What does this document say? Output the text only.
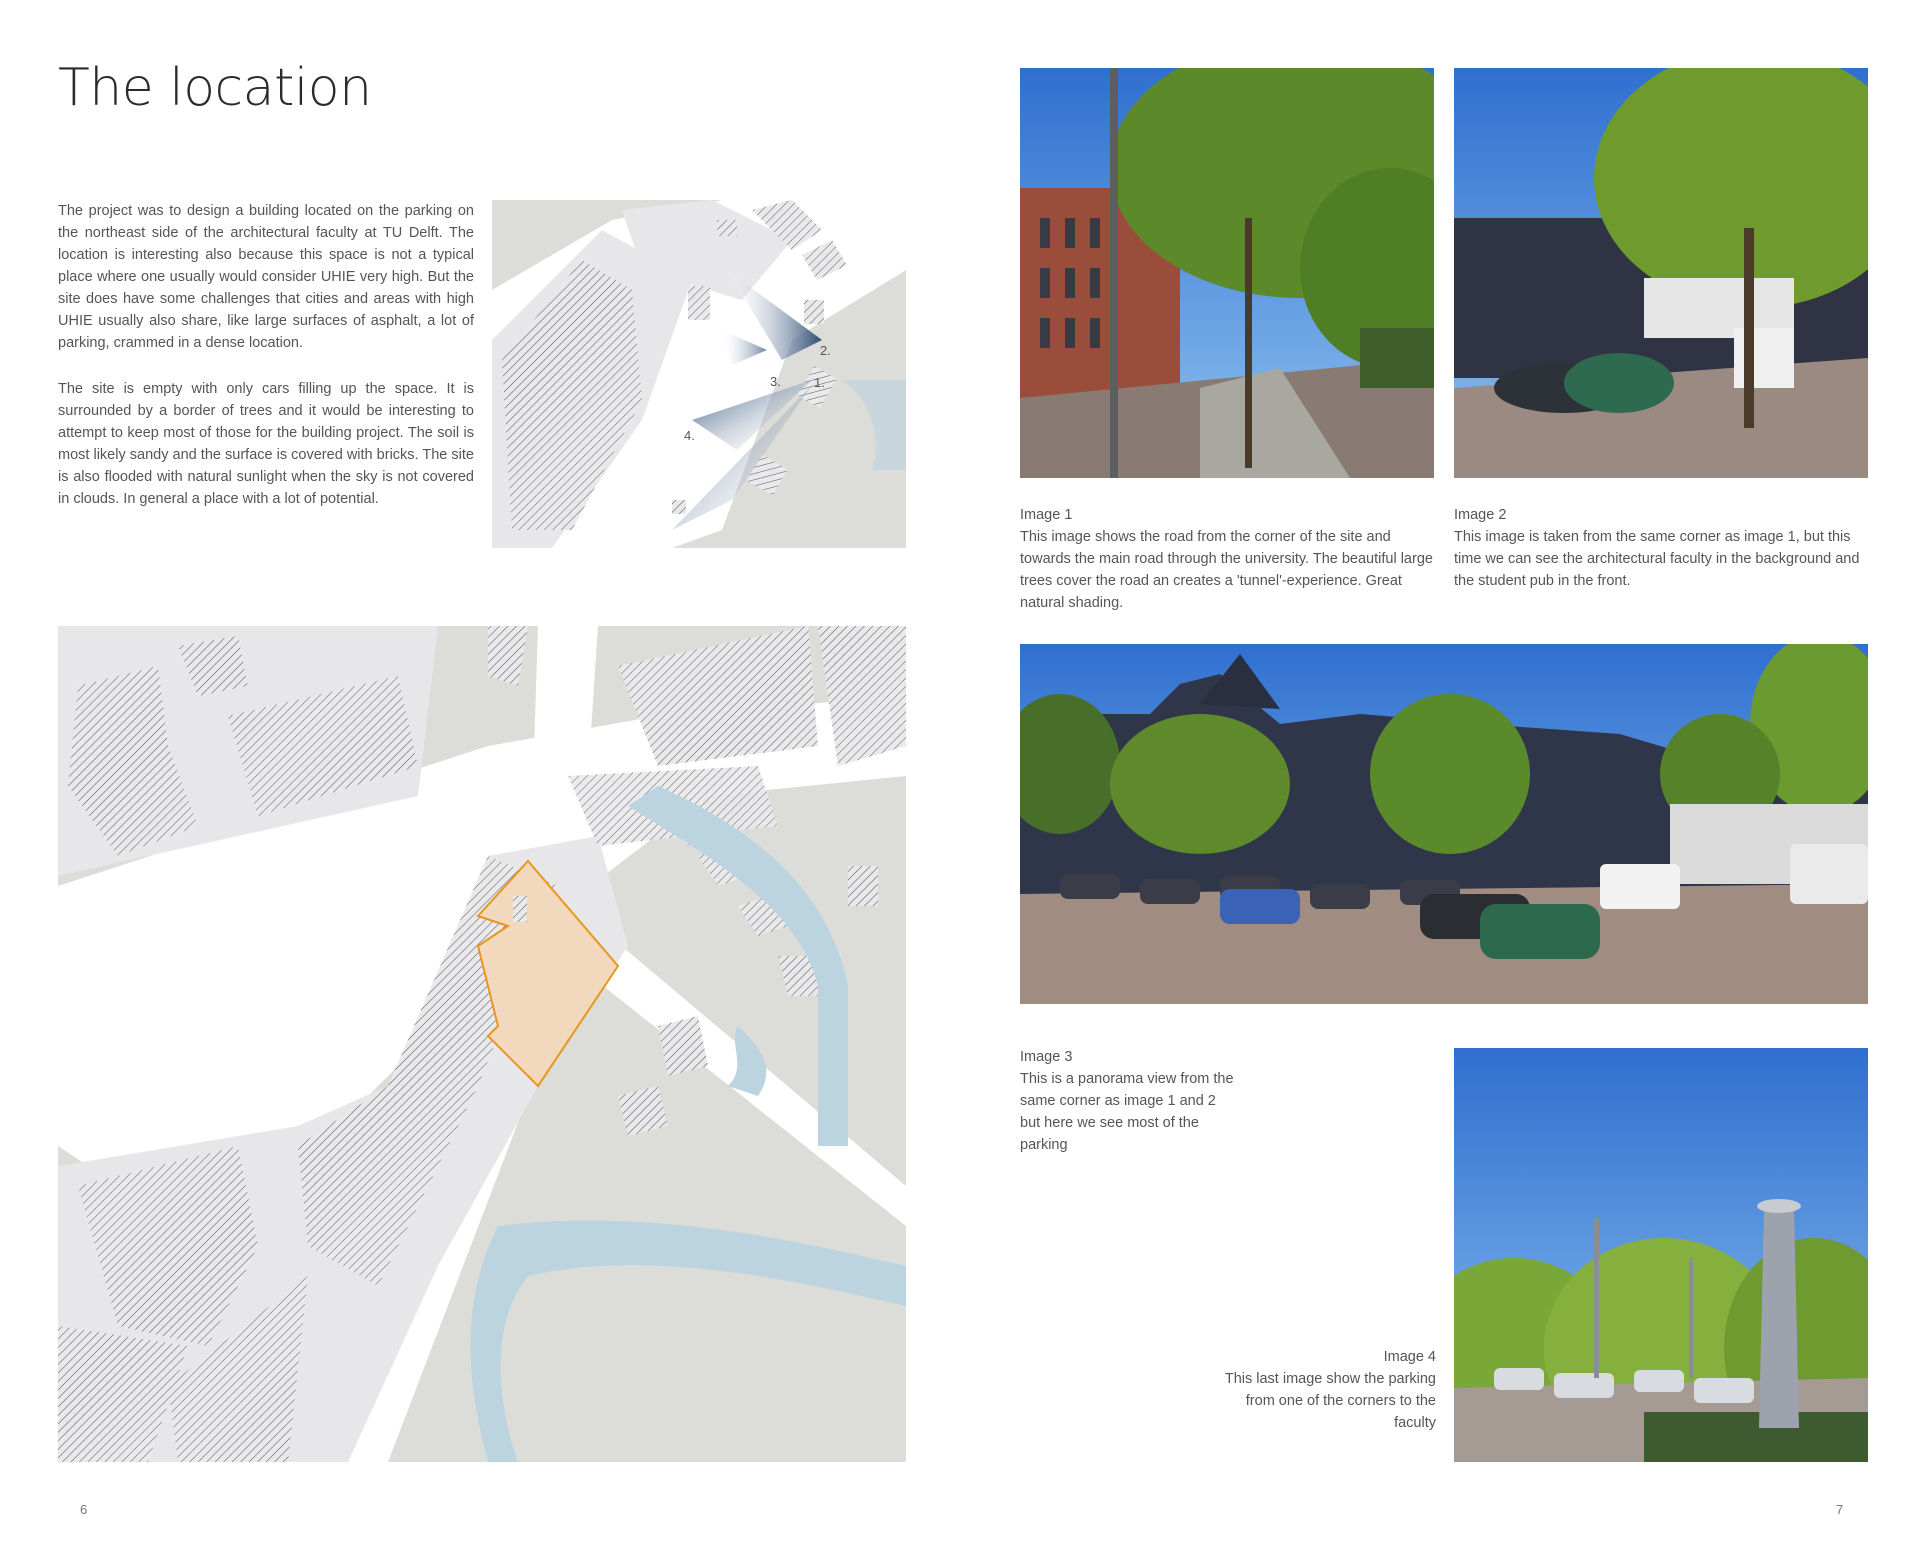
The location

The project was to design a building located on the parking on the northeast side of the architectural faculty at TU Delft. The location is interesting also because this space is not a typical place where one usually would consider UHIE very high. But the site does have some challenges that cities and areas with high UHIE usually also share, like large surfaces of asphalt, a lot of parking, crammed in a dense location.

The site is empty with only cars filling up the space. It is surrounded by a border of trees and it would be interesting to attempt to keep most of those for the building project. The soil is most likely sandy and the surface is covered with bricks. The site is also flooded with natural sunlight when the sky is not covered in clouds. In general a place with a lot of potential.

2.
1.
3.
4.
6
Image 1
This image shows the road from the corner of the site and towards the main road through the university. The beautiful large trees cover the road an creates a 'tunnel'-experience. Great natural shading.
Image 2
This image is taken from the same corner as image 1, but this time we can see the architectural faculty in the background and the student pub in the front.
Image 3
This is a panorama view from the same corner as image 1 and 2 but here we see most of the parking
Image 4
This last image show the parking from one of the corners to the faculty
7
